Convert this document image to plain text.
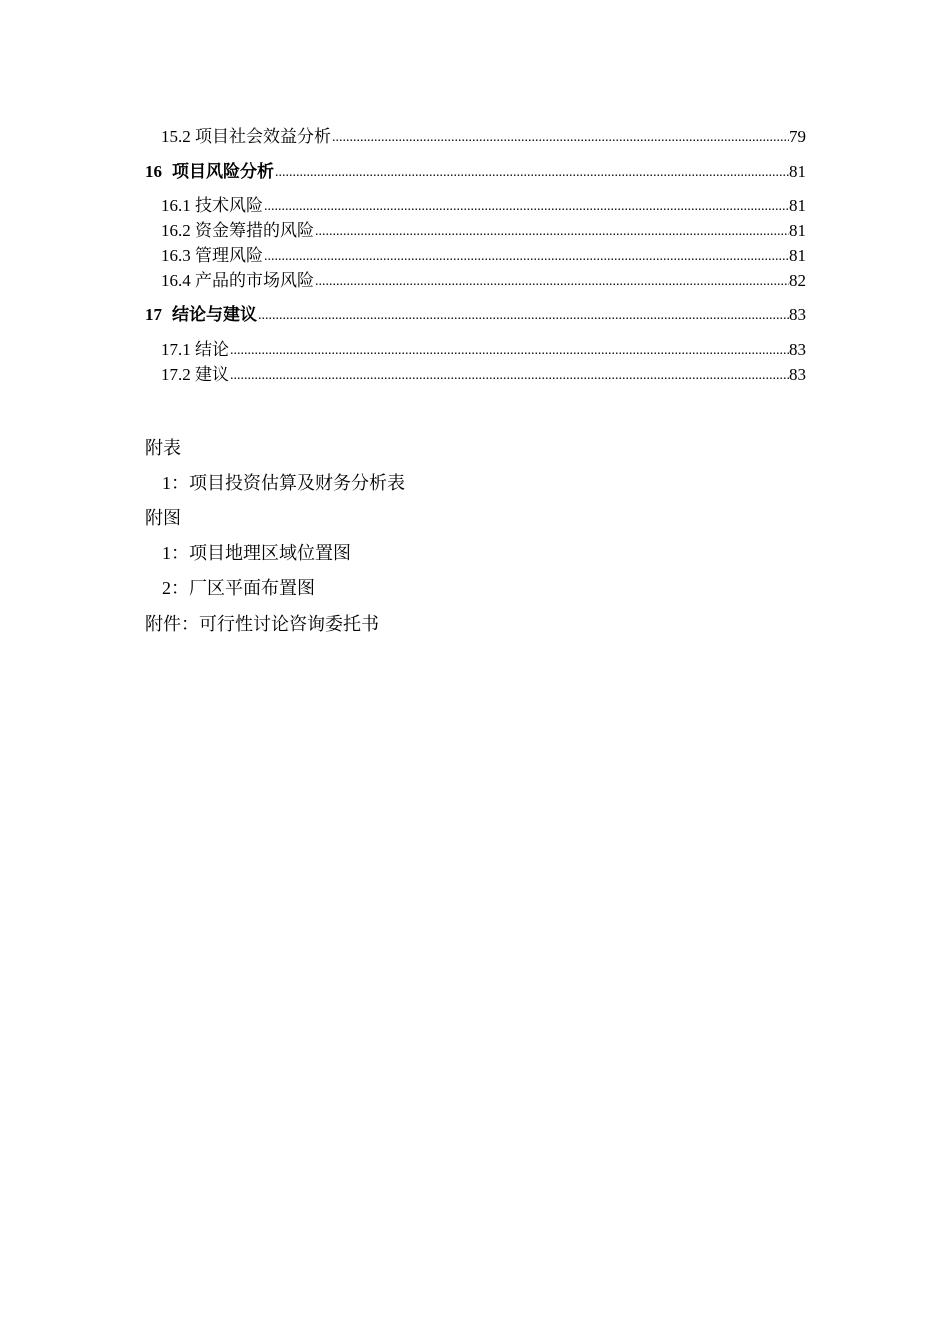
15.2 项目社会效益分析 .....	79
16 项目风险分析 .....	81
16.1 技术风险 .....	81
16.2 资金筹措的风险 .....	81
16.3 管理风险 .....	81
16.4 产品的市场风险 .....	82
17 结论与建议 .....	83
17.1 结论 .....	83
17.2 建议 .....	83
附表
1：项目投资估算及财务分析表
附图
1：项目地理区域位置图
2：厂区平面布置图
附件：可行性讨论咨询委托书
